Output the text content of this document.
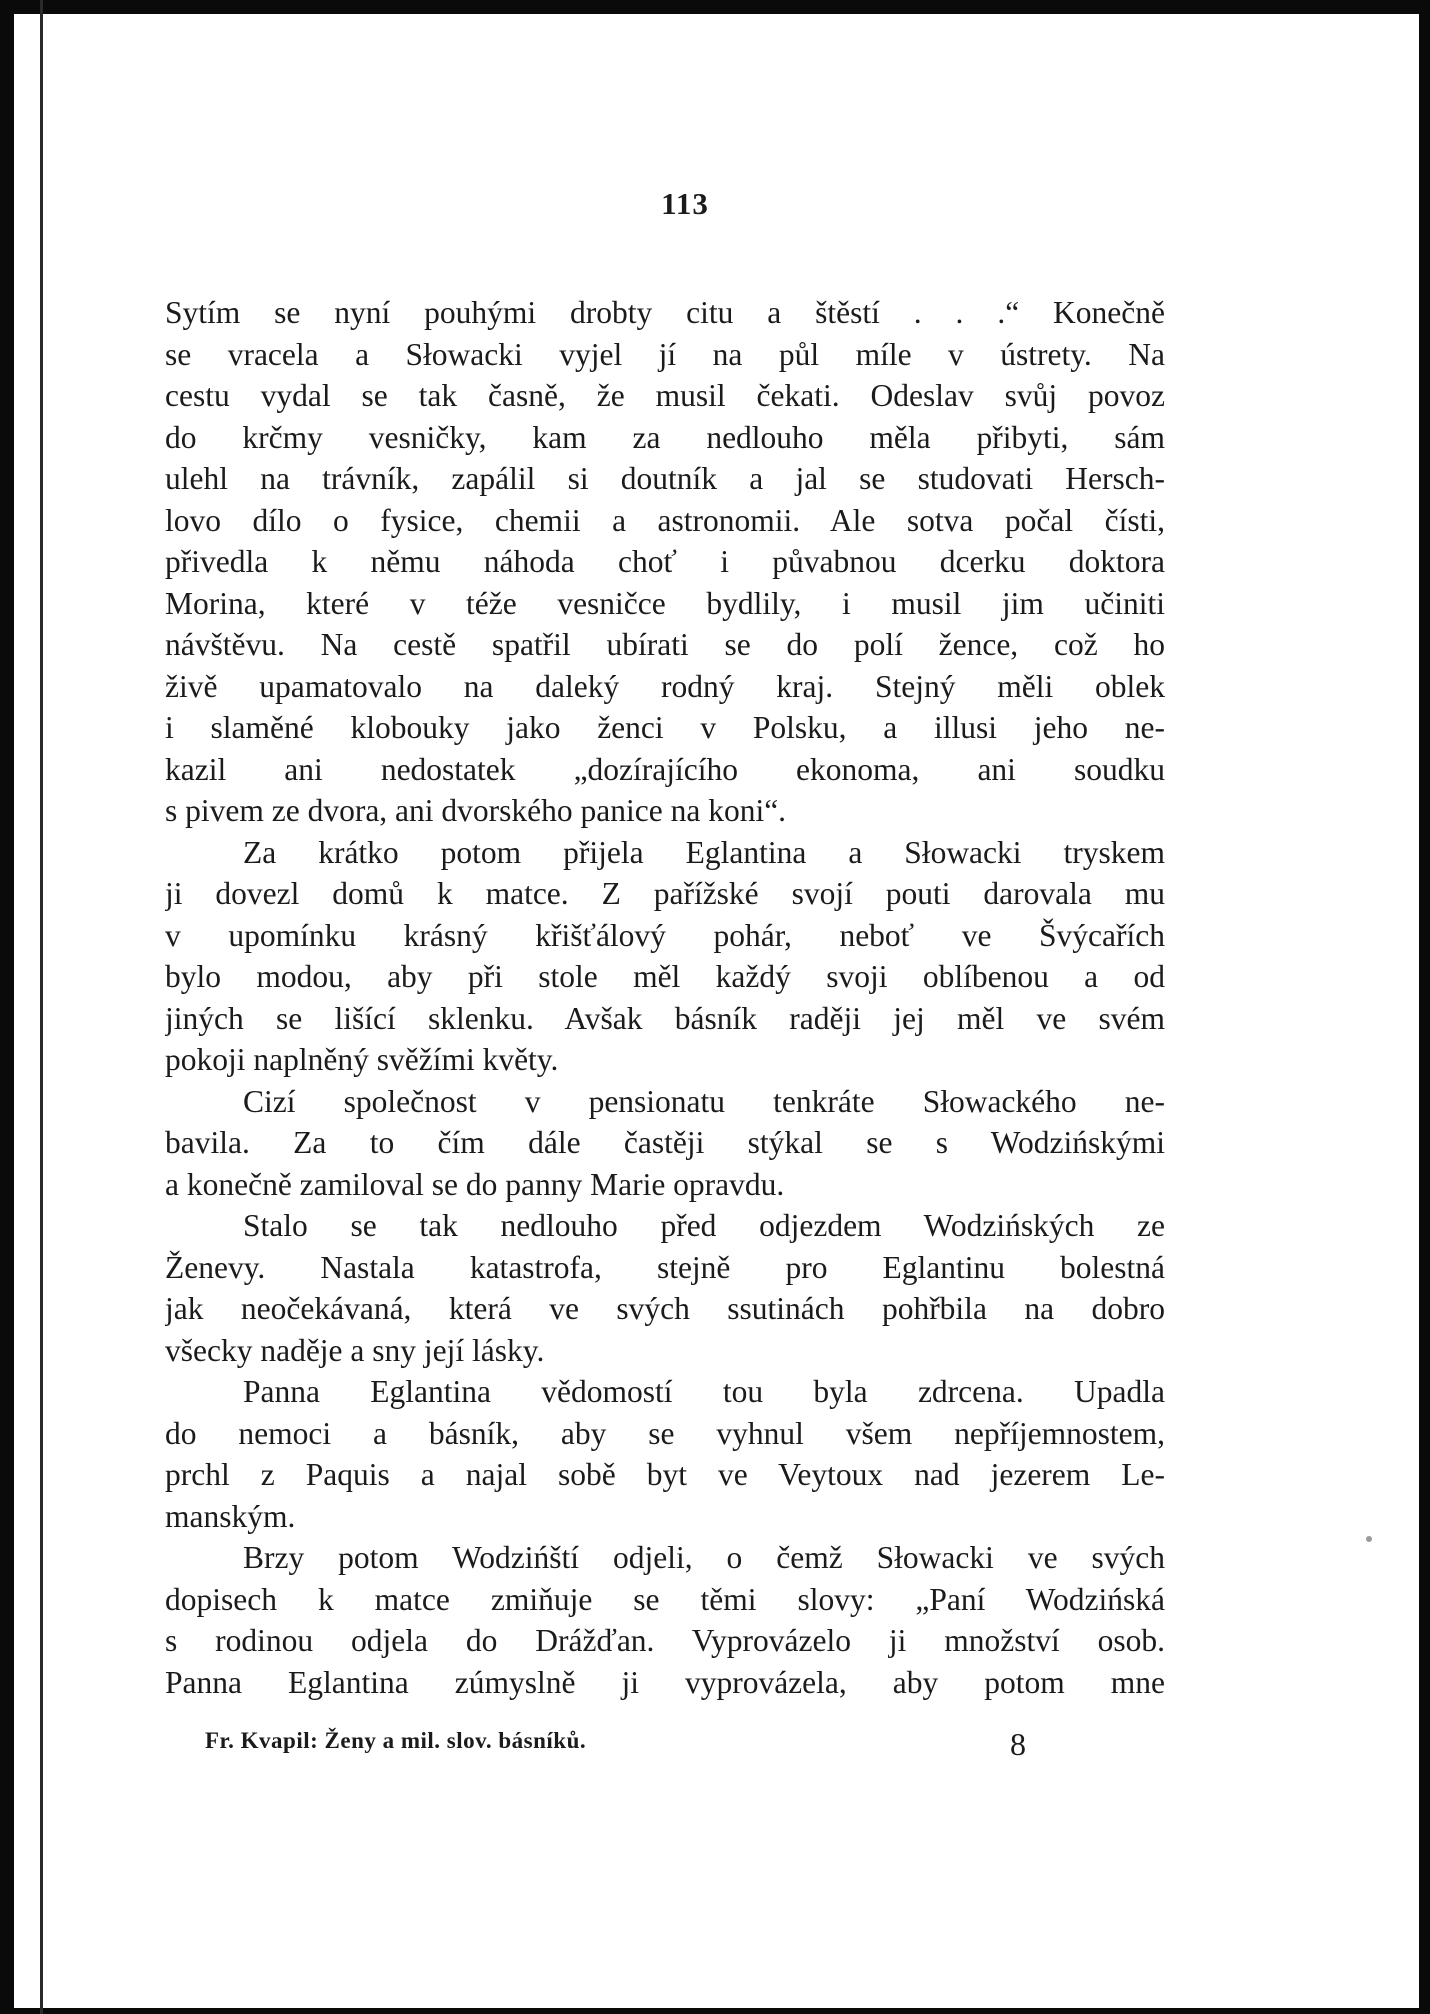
113
Sytím se nyní pouhými drobty citu a štěstí . . .“ Konečně
se vracela a Słowacki vyjel jí na půl míle v ústrety. Na
cestu vydal se tak časně, že musil čekati. Odeslav svůj povoz
do krčmy vesničky, kam za nedlouho měla přibyti, sám
ulehl na trávník, zapálil si doutník a jal se studovati Hersch-
lovo dílo o fysice, chemii a astronomii. Ale sotva počal čísti,
přivedla k němu náhoda choť i půvabnou dcerku doktora
Morina, které v téže vesničce bydlily, i musil jim učiniti
návštěvu. Na cestě spatřil ubírati se do polí žence, což ho
živě upamatovalo na daleký rodný kraj. Stejný měli oblek
i slaměné klobouky jako ženci v Polsku, a illusi jeho ne-
kazil ani nedostatek „dozírajícího ekonoma, ani soudku
s pivem ze dvora, ani dvorského panice na koni“.
Za krátko potom přijela Eglantina a Słowacki tryskem
ji dovezl domů k matce. Z pařížské svojí pouti darovala mu
v upomínku krásný křišťálový pohár, neboť ve Švýcařích
bylo modou, aby při stole měl každý svoji oblíbenou a od
jiných se lišící sklenku. Avšak básník raději jej měl ve svém
pokoji naplněný svěžími květy.
Cizí společnost v pensionatu tenkráte Słowackého ne-
bavila. Za to čím dále častěji stýkal se s Wodzińskými
a konečně zamiloval se do panny Marie opravdu.
Stalo se tak nedlouho před odjezdem Wodzińských ze
Ženevy. Nastala katastrofa, stejně pro Eglantinu bolestná
jak neočekávaná, která ve svých ssutinách pohřbila na dobro
všecky naděje a sny její lásky.
Panna Eglantina vědomostí tou byla zdrcena. Upadla
do nemoci a básník, aby se vyhnul všem nepříjemnostem,
prchl z Paquis a najal sobě byt ve Veytoux nad jezerem Le-
manským.
Brzy potom Wodzińští odjeli, o čemž Słowacki ve svých
dopisech k matce zmiňuje se těmi slovy: „Paní Wodzińská
s rodinou odjela do Drážďan. Vyprovázelo ji množství osob.
Panna Eglantina zúmyslně ji vyprovázela, aby potom mne
Fr. Kvapil: Ženy a mil. slov. básníků.	8
